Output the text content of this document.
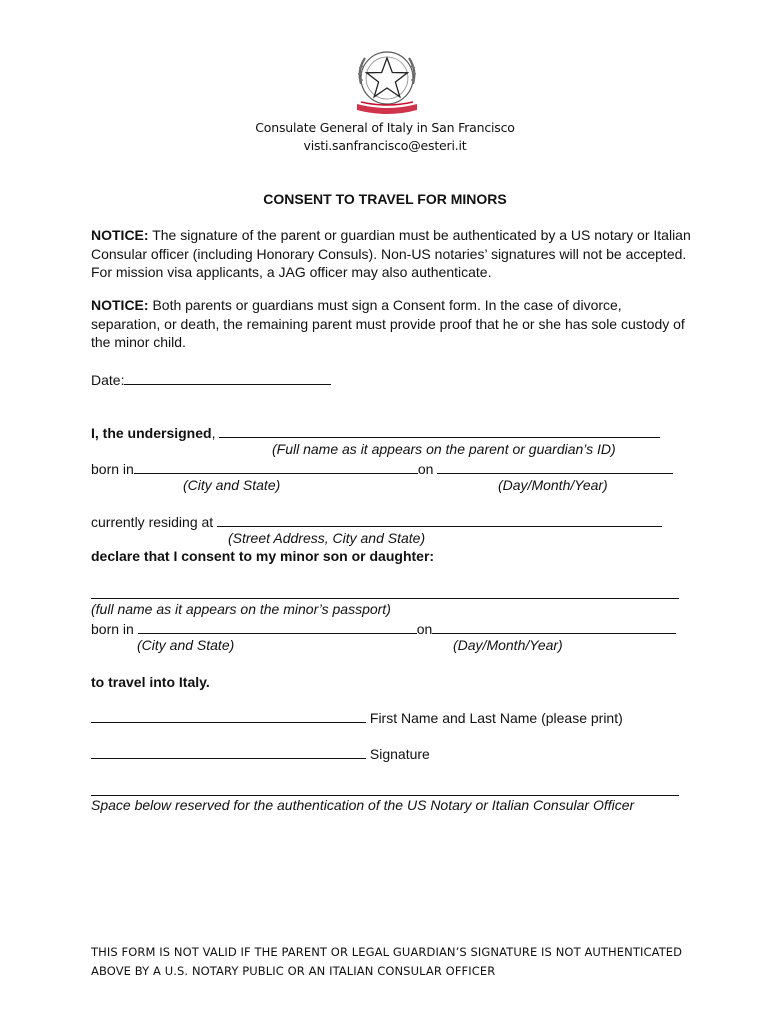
Consulate General of Italy in San Francisco
visti.sanfrancisco@esteri.it
CONSENT TO TRAVEL FOR MINORS
NOTICE: The signature of the parent or guardian must be authenticated by a US notary or Italian Consular officer (including Honorary Consuls). Non-US notaries’ signatures will not be accepted. For mission visa applicants, a JAG officer may also authenticate.
NOTICE: Both parents or guardians must sign a Consent form. In the case of divorce, separation, or death, the remaining parent must provide proof that he or she has sole custody of the minor child.
Date:
I, the undersigned,
(Full name as it appears on the parent or guardian’s ID)
born in	on
(City and State)	(Day/Month/Year)
currently residing at
(Street Address, City and State)
declare that I consent to my minor son or daughter:
(full name as it appears on the minor’s passport)
born in	on
(City and State)	(Day/Month/Year)
to travel into Italy.
First Name and Last Name (please print)
Signature
Space below reserved for the authentication of the US Notary or Italian Consular Officer
THIS FORM IS NOT VALID IF THE PARENT OR LEGAL GUARDIAN’S SIGNATURE IS NOT AUTHENTICATED
ABOVE BY A U.S. NOTARY PUBLIC OR AN ITALIAN CONSULAR OFFICER
